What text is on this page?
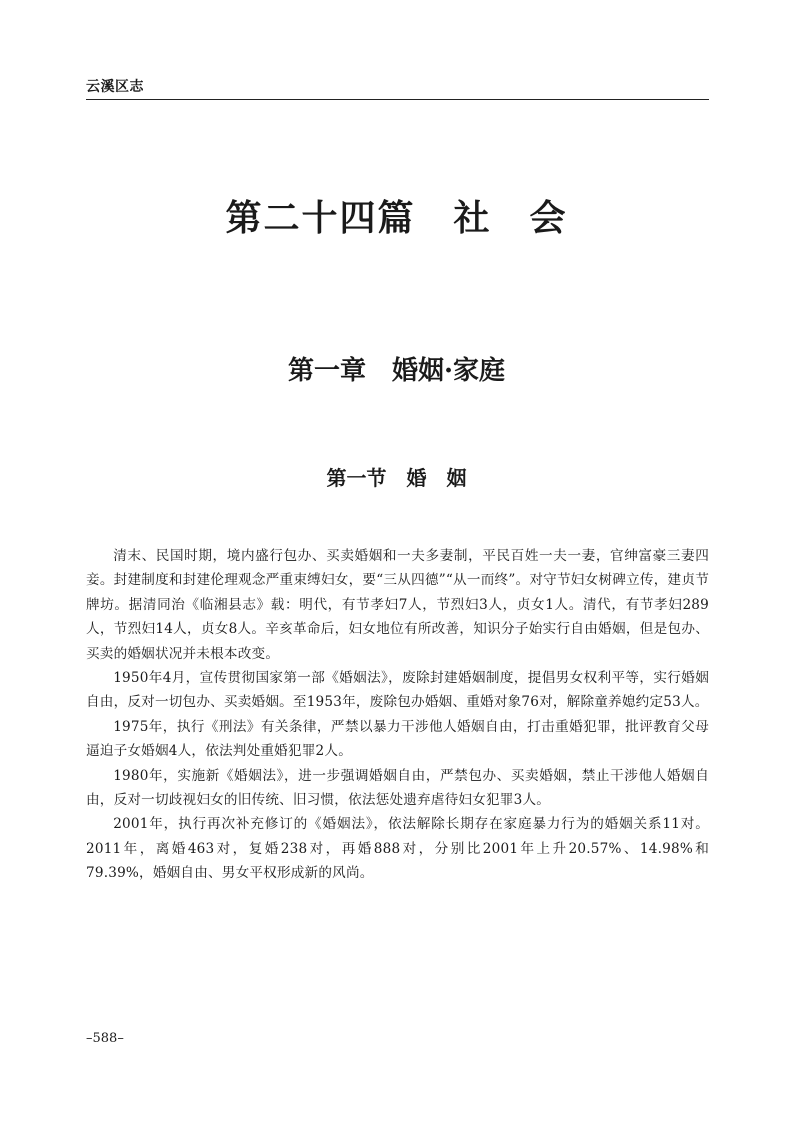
云溪区志
第二十四篇　社　会
第一章　婚姻·家庭
第一节　婚　姻

清末、民国时期，境内盛行包办、买卖婚姻和一夫多妻制，平民百姓一夫一妻，官绅富豪三妻四妾。封建制度和封建伦理观念严重束缚妇女，要“三从四德”“从一而终”。对守节妇女树碑立传，建贞节牌坊。据清同治《临湘县志》载：明代，有节孝妇7人，节烈妇3人，贞女1人。清代，有节孝妇289人，节烈妇14人，贞女8人。辛亥革命后，妇女地位有所改善，知识分子始实行自由婚姻，但是包办、买卖的婚姻状况并未根本改变。

1950年4月，宣传贯彻国家第一部《婚姻法》，废除封建婚姻制度，提倡男女权利平等，实行婚姻自由，反对一切包办、买卖婚姻。至1953年，废除包办婚姻、重婚对象76对，解除童养媳约定53人。

1975年，执行《刑法》有关条律，严禁以暴力干涉他人婚姻自由，打击重婚犯罪，批评教育父母逼迫子女婚姻4人，依法判处重婚犯罪2人。

1980年，实施新《婚姻法》，进一步强调婚姻自由，严禁包办、买卖婚姻，禁止干涉他人婚姻自由，反对一切歧视妇女的旧传统、旧习惯，依法惩处遗弃虐待妇女犯罪3人。

2001年，执行再次补充修订的《婚姻法》，依法解除长期存在家庭暴力行为的婚姻关系11对。2011年，离婚463对，复婚238对，再婚888对，分别比2001年上升20.57%、14.98%和79.39%，婚姻自由、男女平权形成新的风尚。

–588–
